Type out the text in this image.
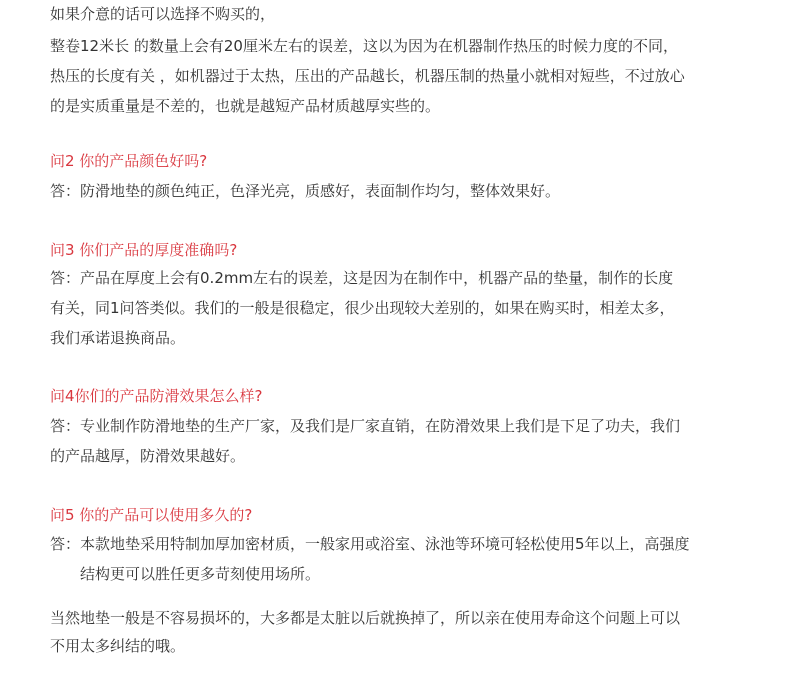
如果介意的话可以选择不购买的，
整卷12米长 的数量上会有20厘米左右的误差，这以为因为在机器制作热压的时候力度的不同，
热压的长度有关 ，如机器过于太热，压出的产品越长，机器压制的热量小就相对短些，不过放心
的是实质重量是不差的，也就是越短产品材质越厚实些的。
问2 你的产品颜色好吗?
答：防滑地垫的颜色纯正，色泽光亮，质感好，表面制作均匀，整体效果好。
问3 你们产品的厚度准确吗?
答：产品在厚度上会有0.2mm左右的误差，这是因为在制作中，机器产品的垫量，制作的长度
有关，同1问答类似。我们的一般是很稳定，很少出现较大差别的，如果在购买时，相差太多，
我们承诺退换商品。
问4你们的产品防滑效果怎么样?
答：专业制作防滑地垫的生产厂家，及我们是厂家直销，在防滑效果上我们是下足了功夫，我们
的产品越厚，防滑效果越好。
问5 你的产品可以使用多久的?
答：本款地垫采用特制加厚加密材质，一般家用或浴室、泳池等环境可轻松使用5年以上，高强度
结构更可以胜任更多苛刻使用场所。
当然地垫一般是不容易损坏的，大多都是太脏以后就换掉了，所以亲在使用寿命这个问题上可以
不用太多纠结的哦。
